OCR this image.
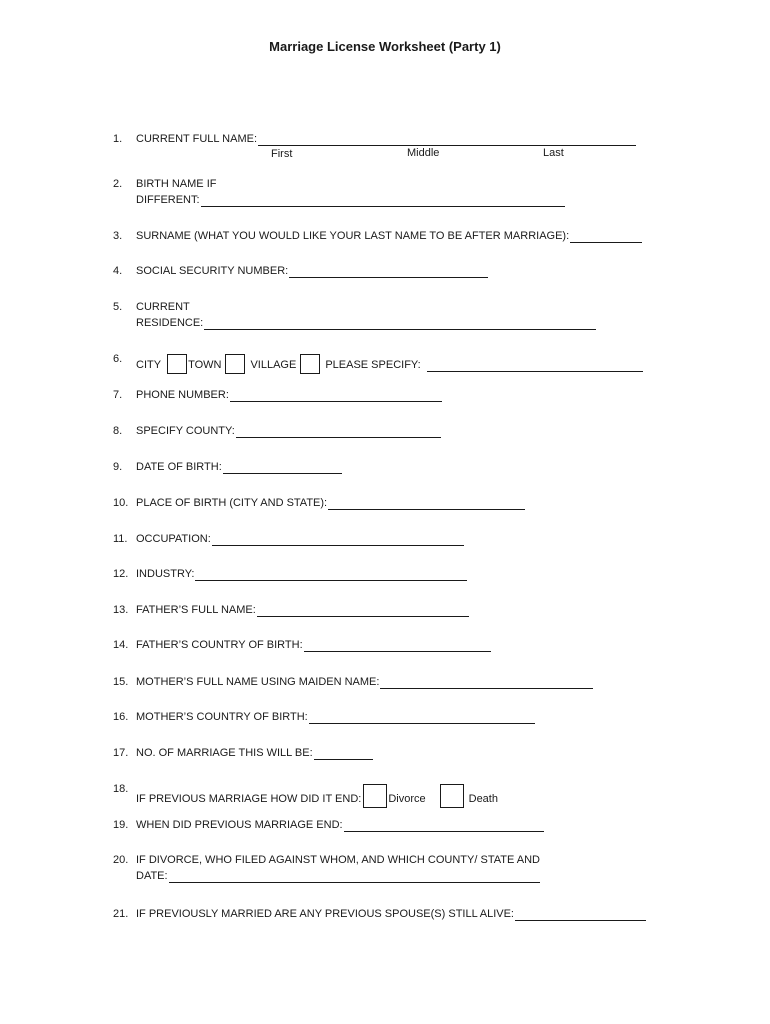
Marriage License Worksheet (Party 1)
1.	CURRENT FULL NAME:
First	Middle	Last
2.	BIRTH NAME IF
DIFFERENT:
3.	SURNAME (WHAT YOU WOULD LIKE YOUR LAST NAME TO BE AFTER MARRIAGE):
4.	SOCIAL SECURITY NUMBER:
5.	CURRENT
RESIDENCE:
6.	CITY TOWN	VILLAGE	PLEASE SPECIFY:
7.	PHONE NUMBER:
8.	SPECIFY COUNTY:
9.	DATE OF BIRTH:
10. PLACE OF BIRTH (CITY AND STATE):
11. OCCUPATION:
12. INDUSTRY:
13. FATHER’S FULL NAME:
14. FATHER’S COUNTRY OF BIRTH:
15. MOTHER’S FULL NAME USING MAIDEN NAME:
16. MOTHER’S COUNTRY OF BIRTH:
17. NO. OF MARRIAGE THIS WILL BE:
18.
IF PREVIOUS MARRIAGE HOW DID IT END: Divorce	Death
19. WHEN DID PREVIOUS MARRIAGE END:
20. IF DIVORCE, WHO FILED AGAINST WHOM, AND WHICH COUNTY/ STATE AND
DATE:
21. IF PREVIOUSLY MARRIED ARE ANY PREVIOUS SPOUSE(S) STILL ALIVE:
